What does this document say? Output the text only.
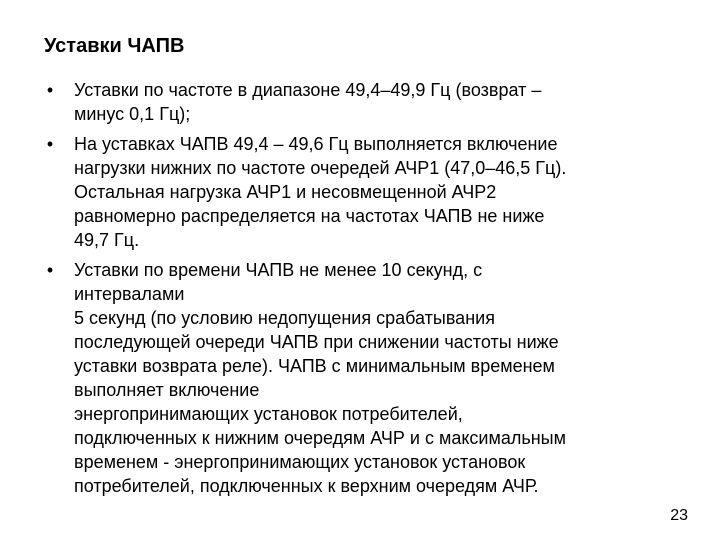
Уставки ЧАПВ
•	Уставки по частоте в диапазоне 49,4–49,9 Гц (возврат –
минус 0,1 Гц);
•	На уставках ЧАПВ 49,4 – 49,6 Гц выполняется включение
нагрузки нижних по частоте очередей АЧР1 (47,0–46,5 Гц).
Остальная нагрузка АЧР1 и несовмещенной АЧР2
равномерно распределяется на частотах ЧАПВ не ниже
49,7 Гц.
•	Уставки по времени ЧАПВ не менее 10 секунд, с
интервалами
5 секунд (по условию недопущения срабатывания
последующей очереди ЧАПВ при снижении частоты ниже
уставки возврата реле). ЧАПВ с минимальным временем
выполняет включение
энергопринимающих установок потребителей,
подключенных к нижним очередям АЧР и с максимальным
временем - энергопринимающих установок установок
потребителей, подключенных к верхним очередям АЧР.
23
